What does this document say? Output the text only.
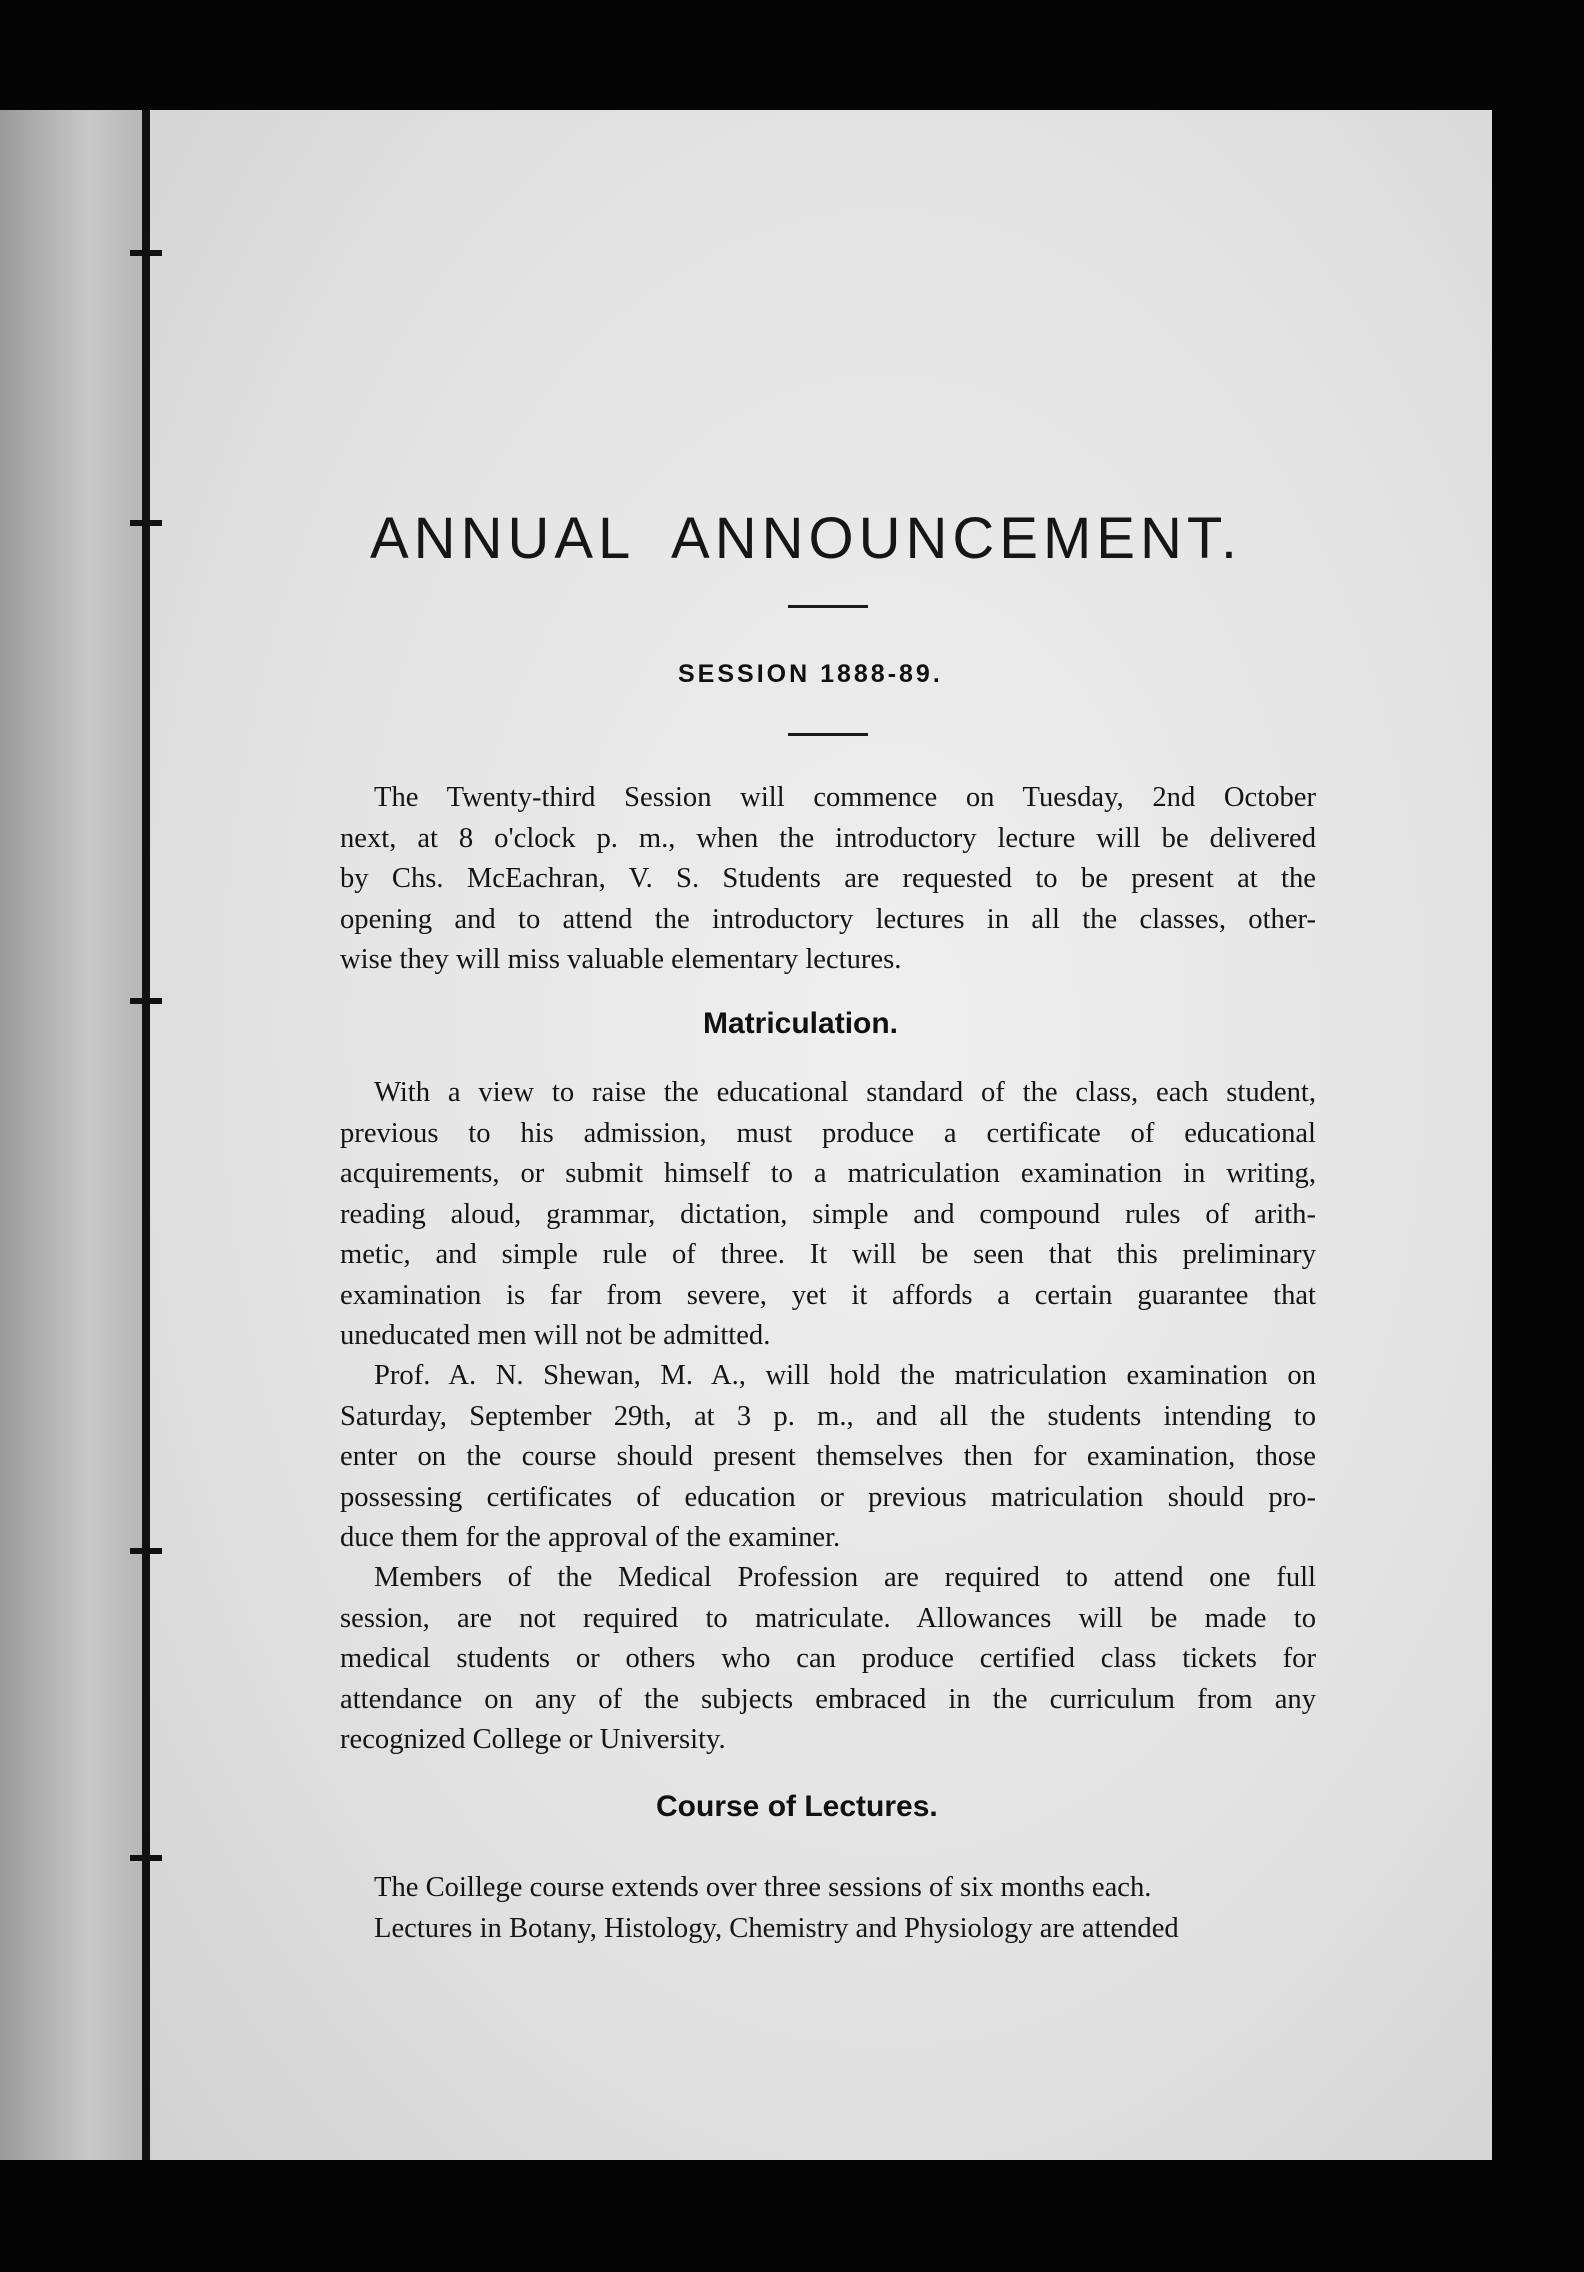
ANNUAL ANNOUNCEMENT.
SESSION 1888-89.
The Twenty-third Session will commence on Tuesday, 2nd October
next, at 8 o'clock p. m., when the introductory lecture will be delivered
by Chs. McEachran, V. S. Students are requested to be present at the
opening and to attend the introductory lectures in all the classes, other-
wise they will miss valuable elementary lectures.
Matriculation.
With a view to raise the educational standard of the class, each student,
previous to his admission, must produce a certificate of educational
acquirements, or submit himself to a matriculation examination in writing,
reading aloud, grammar, dictation, simple and compound rules of arith-
metic, and simple rule of three. It will be seen that this preliminary
examination is far from severe, yet it affords a certain guarantee that
uneducated men will not be admitted.
Prof. A. N. Shewan, M. A., will hold the matriculation examination on
Saturday, September 29th, at 3 p. m., and all the students intending to
enter on the course should present themselves then for examination, those
possessing certificates of education or previous matriculation should pro-
duce them for the approval of the examiner.
Members of the Medical Profession are required to attend one full
session, are not required to matriculate. Allowances will be made to
medical students or others who can produce certified class tickets for
attendance on any of the subjects embraced in the curriculum from any
recognized College or University.
Course of Lectures.
The Coillege course extends over three sessions of six months each.
Lectures in Botany, Histology, Chemistry and Physiology are attended
